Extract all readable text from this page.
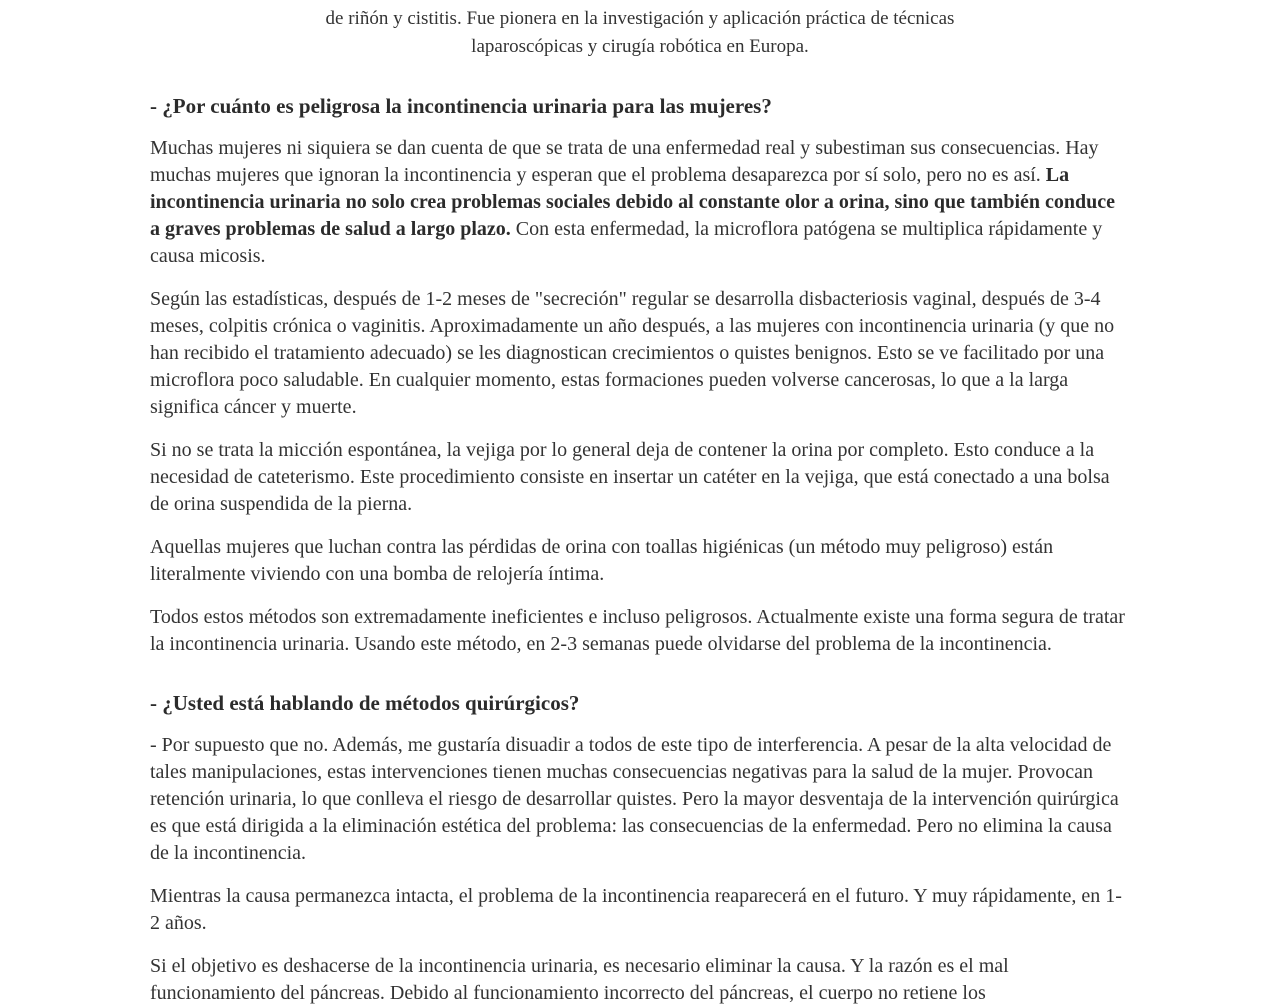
de riñón y cistitis. Fue pionera en la investigación y aplicación práctica de técnicas
laparoscópicas y cirugía robótica en Europa.
- ¿Por cuánto es peligrosa la incontinencia urinaria para las mujeres?

Muchas mujeres ni siquiera se dan cuenta de que se trata de una enfermedad real y subestiman sus consecuencias. Hay muchas mujeres que ignoran la incontinencia y esperan que el problema desaparezca por sí solo, pero no es así. La incontinencia urinaria no solo crea problemas sociales debido al constante olor a orina, sino que también conduce a graves problemas de salud a largo plazo. Con esta enfermedad, la microflora patógena se multiplica rápidamente y causa micosis.

Según las estadísticas, después de 1-2 meses de "secreción" regular se desarrolla disbacteriosis vaginal, después de 3-4 meses, colpitis crónica o vaginitis. Aproximadamente un año después, a las mujeres con incontinencia urinaria (y que no han recibido el tratamiento adecuado) se les diagnostican crecimientos o quistes benignos. Esto se ve facilitado por una microflora poco saludable. En cualquier momento, estas formaciones pueden volverse cancerosas, lo que a la larga significa cáncer y muerte.

Si no se trata la micción espontánea, la vejiga por lo general deja de contener la orina por completo. Esto conduce a la necesidad de cateterismo. Este procedimiento consiste en insertar un catéter en la vejiga, que está conectado a una bolsa de orina suspendida de la pierna.

Aquellas mujeres que luchan contra las pérdidas de orina con toallas higiénicas (un método muy peligroso) están literalmente viviendo con una bomba de relojería íntima.

Todos estos métodos son extremadamente ineficientes e incluso peligrosos. Actualmente existe una forma segura de tratar la incontinencia urinaria. Usando este método, en 2-3 semanas puede olvidarse del problema de la incontinencia.

- ¿Usted está hablando de métodos quirúrgicos?

- Por supuesto que no. Además, me gustaría disuadir a todos de este tipo de interferencia. A pesar de la alta velocidad de tales manipulaciones, estas intervenciones tienen muchas consecuencias negativas para la salud de la mujer. Provocan retención urinaria, lo que conlleva el riesgo de desarrollar quistes. Pero la mayor desventaja de la intervención quirúrgica es que está dirigida a la eliminación estética del problema: las consecuencias de la enfermedad. Pero no elimina la causa de la incontinencia.

Mientras la causa permanezca intacta, el problema de la incontinencia reaparecerá en el futuro. Y muy rápidamente, en 1-2 años.

Si el objetivo es deshacerse de la incontinencia urinaria, es necesario eliminar la causa. Y la razón es el mal funcionamiento del páncreas. Debido al funcionamiento incorrecto del páncreas, el cuerpo no retiene los
